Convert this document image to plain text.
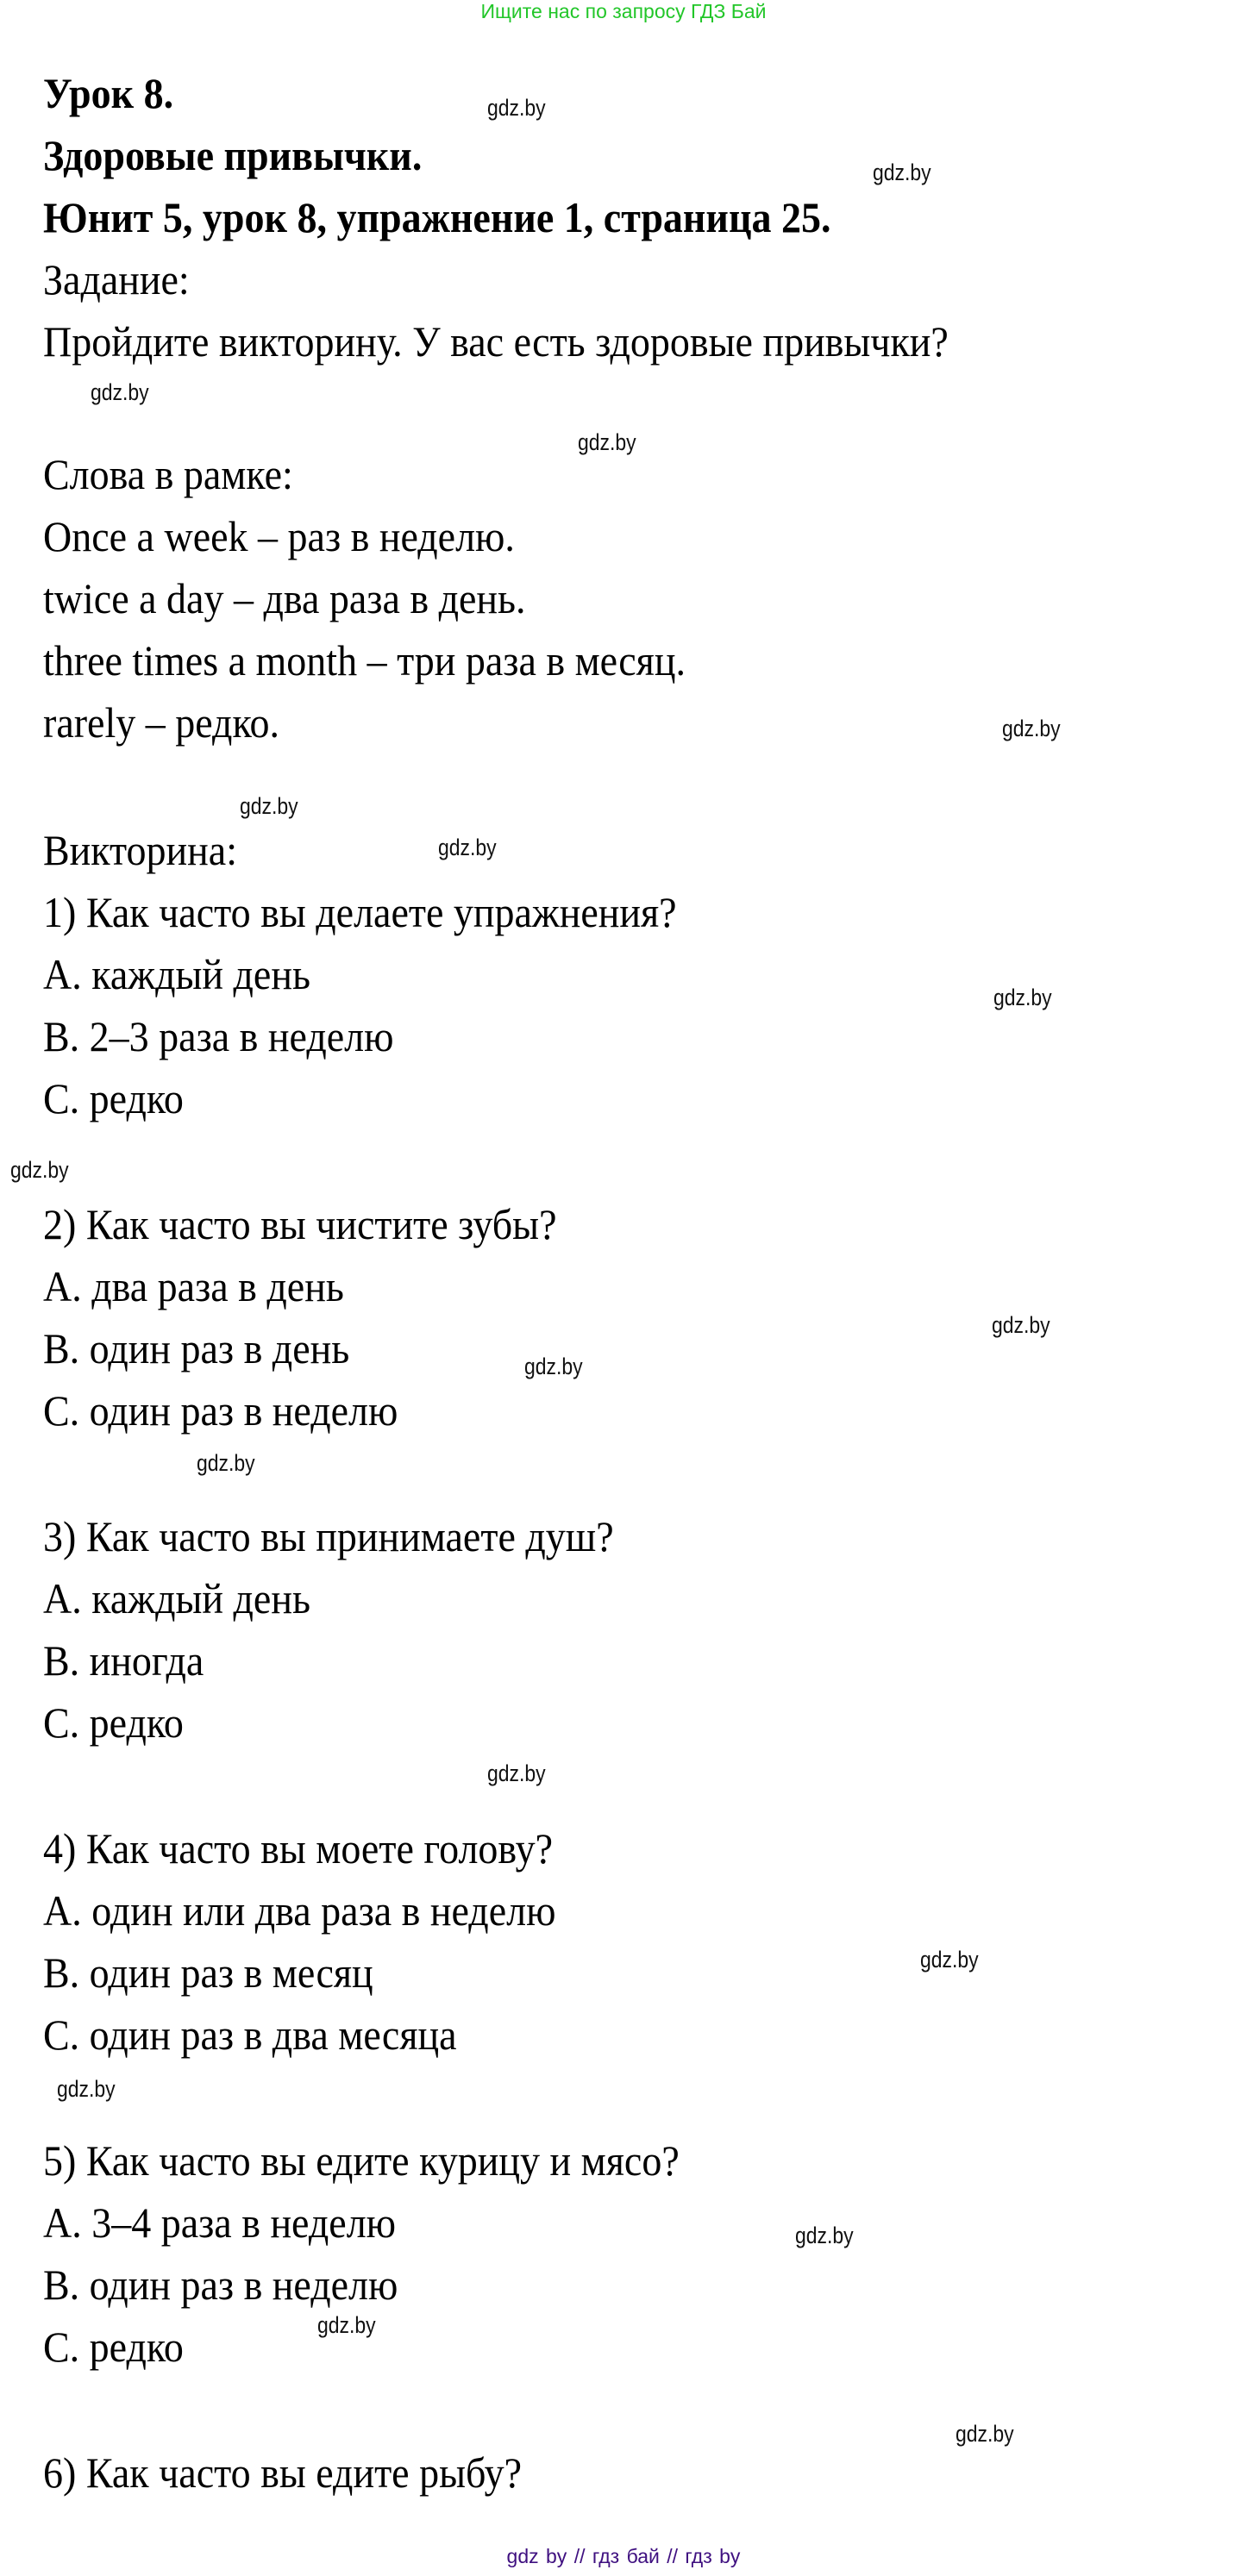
Ищите нас по запросу ГДЗ Бай
Урок 8.
Здоровые привычки.
Юнит 5, урок 8, упражнение 1, страница 25.
Задание:
Пройдите викторину. У вас есть здоровые привычки?
Слова в рамке:
Once a week – раз в неделю.
twice a day – два раза в день.
three times a month – три раза в месяц.
rarely – редко.
Викторина:
1) Как часто вы делаете упражнения?
A. каждый день
B. 2–3 раза в неделю
C. редко
2) Как часто вы чистите зубы?
A. два раза в день
B. один раз в день
C. один раз в неделю
3) Как часто вы принимаете душ?
A. каждый день
B. иногда
C. редко
4) Как часто вы моете голову?
A. один или два раза в неделю
B. один раз в месяц
C. один раз в два месяца
5) Как часто вы едите курицу и мясо?
A. 3–4 раза в неделю
B. один раз в неделю
C. редко
6) Как часто вы едите рыбу?
gdz.by
gdz.by
gdz.by
gdz.by
gdz.by
gdz.by
gdz.by
gdz.by
gdz.by
gdz.by
gdz.by
gdz.by
gdz.by
gdz.by
gdz.by
gdz.by
gdz.by
gdz.by
gdz by // гдз бай // гдз by
